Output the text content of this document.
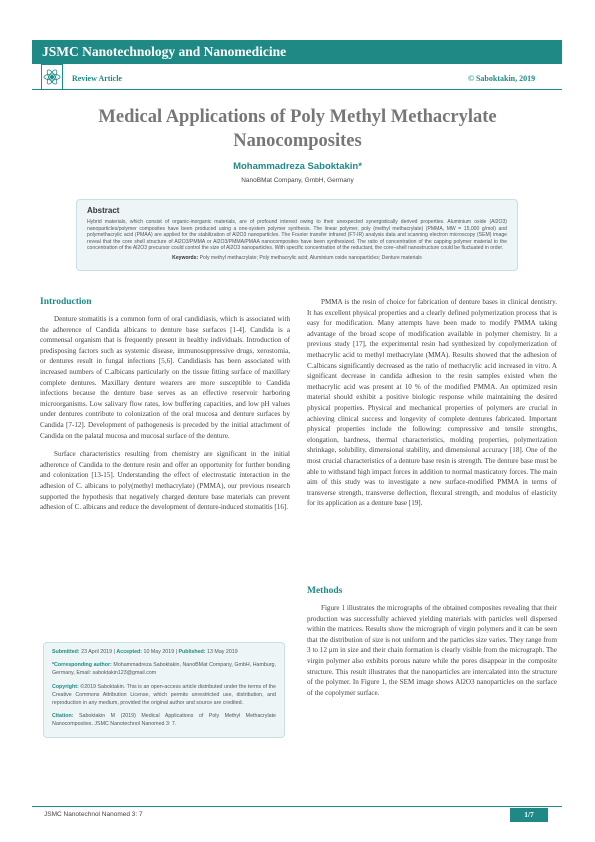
JSMC Nanotechnology and Nanomedicine
Review Article	© Saboktakin, 2019
Medical Applications of Poly Methyl Methacrylate
Nanocomposites
Mohammadreza Saboktakin*
NanoBMat Company, GmbH, Germany
Abstract
Hybrid materials, which consist of organic-inorganic materials, are of profound interest owing to their unexpected synergistically derived properties. Aluminium oxide (Al2O3) nanoparticles/polymer composites have been produced using a one-system polymer synthesis. The linear polymer, poly (methyl methacrylate) (PMMA, MW = 15,000 g/mol) and polymethacrylic acid (PMAA) are applied for the stabilization of Al2O3 nanoparticles. The Fourier transfer infrared (FT-IR) analysis data and scanning electron microscopy (SEM) image reveal that the core shell structure of Al2O3/PMMA or Al2O3/PMMA/PMAA nanocomposites have been synthesized. The ratio of concentration of the capping polymer material to the concentration of the Al2O3 precursor could control the size of Al2O3 nanoparticles. With specific concentration of the reductant, the core–shell nanostructure could be fluctuated in order.
Keywords: Poly methyl methacrylate; Poly methacrylic acid; Aluminium oxide nanoparticles; Denture materials
Introduction

Denture stomatitis is a common form of oral candidiasis, which is associated with the adherence of Candida albicans to denture base surfaces [1-4]. Candida is a commensal organism that is frequently present in healthy individuals. Introduction of predisposing factors such as systemic disease, immunosuppressive drugs, xerostomia, or dentures result in fungal infections [5,6]. Candidiasis has been associated with increased numbers of C.albicans particularly on the tissue fitting surface of maxillary complete dentures. Maxillary denture wearers are more susceptible to Candida infections because the denture base serves as an effective reservoir harboring microorganisms. Low salivary flow rates, low buffering capacities, and low pH values under dentures contribute to colonization of the oral mucosa and denture surfaces by Candida [7-12]. Development of pathogenesis is preceded by the initial attachment of Candida on the palatal mucosa and mucosal surface of the denture.

Surface characteristics resulting from chemistry are significant in the initial adherence of Candida to the denture resin and offer an opportunity for further bonding and colonization [13-15]. Understanding the effect of electrostatic interaction in the adhesion of C. albicans to poly(methyl methacrylate) (PMMA), our previous research supported the hypothesis that negatively charged denture base materials can prevent adhesion of C. albicans and reduce the development of denture-induced stomatitis [16].

Submitted: 23 April 2019 | Accepted: 10 May 2019 | Published: 13 May 2019
*Corresponding author: Mohammadreza Saboktakin, NanoBMat Company, GmbH, Hamburg, Germany, Email: saboktakin123@gmail.com
Copyright: ©2019 Saboktakin. This is an open-access article distributed under the terms of the Creative Commons Attribution License, which permits unrestricted use, distribution, and reproduction in any medium, provided the original author and source are credited.
Citation: Saboktakin M (2019) Medical Applications of Poly Methyl Methacrylate Nanocomposites. JSMC Nanotechnol Nanomed 3: 7.

PMMA is the resin of choice for fabrication of denture bases in clinical dentistry. It has excellent physical properties and a clearly defined polymerization process that is easy for modification. Many attempts have been made to modify PMMA taking advantage of the broad scope of modification available in polymer chemistry. In a previous study [17], the experimental resin had synthesized by copolymerization of methacrylic acid to methyl methacrylate (MMA). Results showed that the adhesion of C.albicans significantly decreased as the ratio of methacrylic acid increased in vitro. A significant decrease in candida adhesion to the resin samples existed when the methacrylic acid was present at 10 % of the modified PMMA. An optimized resin material should exhibit a positive biologic response while maintaining the desired physical properties. Physical and mechanical properties of polymers are crucial in achieving clinical success and longevity of complete dentures fabricated. Important physical properties include the following: compressive and tensile strengths, elongation, hardness, thermal characteristics, molding properties, polymerization shrinkage, solubility, dimensional stability, and dimensional accuracy [18]. One of the most crucial characteristics of a denture base resin is strength. The denture base must be able to withstand high impact forces in addition to normal masticatory forces. The main aim of this study was to investigate a new surface-modified PMMA in terms of transverse strength, transverse deflection, flexural strength, and modulus of elasticity for its application as a denture base [19].

Methods

Figure 1 illustrates the micrographs of the obtained composites revealing that their production was successfully achieved yielding materials with particles well dispersed within the matrices. Results show the micrograph of virgin polymers and it can be seen that the distribution of size is not uniform and the particles size varies. They range from 3 to 12 μm in size and their chain formation is clearly visible from the micrograph. The virgin polymer also exhibits porous nature while the pores disappear in the composite structure. This result illustrates that the nanoparticles are intercalated into the structure of the polymer. In Figure 1, the SEM image shows Al2O3 nanoparticles on the surface of the copolymer surface.

JSMC Nanotechnol Nanomed 3: 7	1/7
